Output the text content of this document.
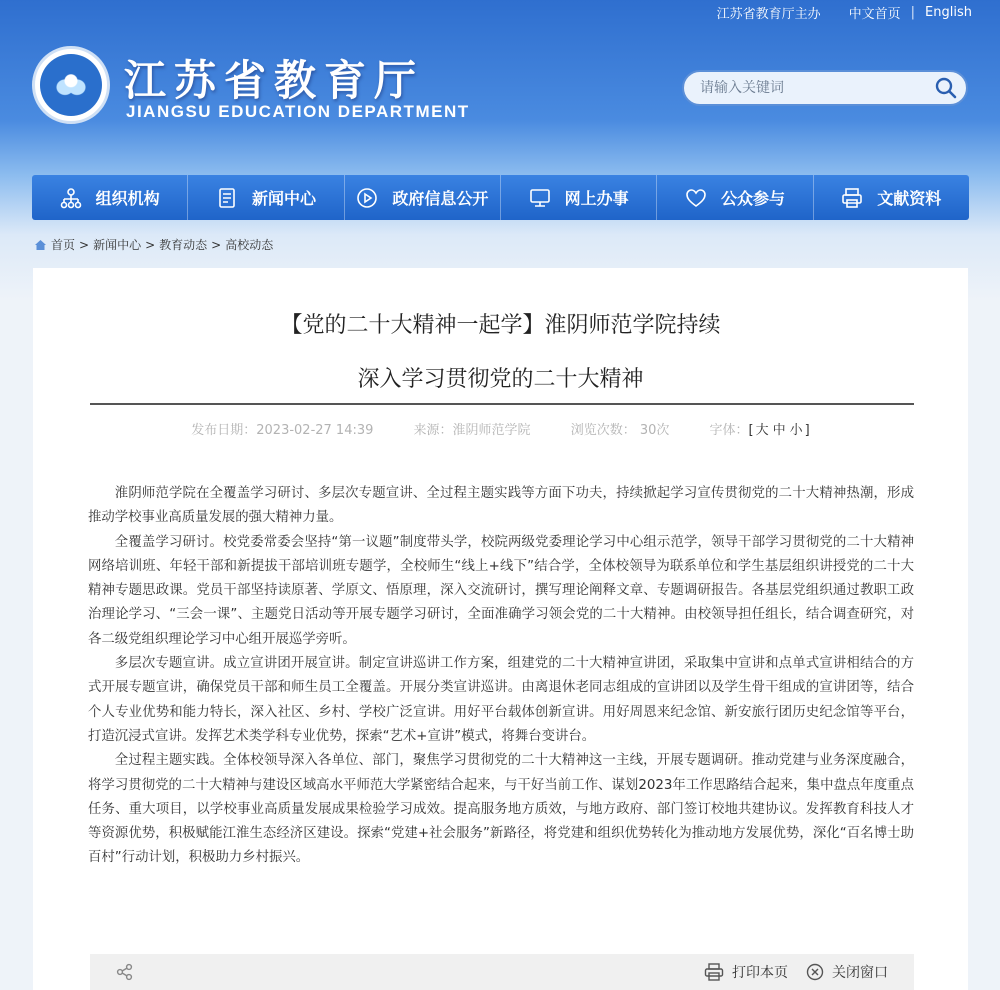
江苏省教育厅主办 中文首页 | English
江苏省教育厅
JIANGSU EDUCATION DEPARTMENT
请输入关键词
组织机构	新闻中心	政府信息公开	网上办事	公众参与	文献资料
首页 > 新闻中心 > 教育动态 > 高校动态
【党的二十大精神一起学】淮阴师范学院持续
深入学习贯彻党的二十大精神
发布日期：2023-02-27 14:39	来源：淮阴师范学院	浏览次数： 30次	字体：[ 大 中 小 ]

淮阴师范学院在全覆盖学习研讨、多层次专题宣讲、全过程主题实践等方面下功夫，持续掀起学习宣传贯彻党的二十大精神热潮，形成推动学校事业高质量发展的强大精神力量。

全覆盖学习研讨。校党委常委会坚持“第一议题”制度带头学，校院两级党委理论学习中心组示范学，领导干部学习贯彻党的二十大精神网络培训班、年轻干部和新提拔干部培训班专题学，全校师生“线上+线下”结合学，全体校领导为联系单位和学生基层组织讲授党的二十大精神专题思政课。党员干部坚持读原著、学原文、悟原理，深入交流研讨，撰写理论阐释文章、专题调研报告。各基层党组织通过教职工政治理论学习、“三会一课”、主题党日活动等开展专题学习研讨，全面准确学习领会党的二十大精神。由校领导担任组长，结合调查研究，对各二级党组织理论学习中心组开展巡学旁听。

多层次专题宣讲。成立宣讲团开展宣讲。制定宣讲巡讲工作方案，组建党的二十大精神宣讲团，采取集中宣讲和点单式宣讲相结合的方式开展专题宣讲，确保党员干部和师生员工全覆盖。开展分类宣讲巡讲。由离退休老同志组成的宣讲团以及学生骨干组成的宣讲团等，结合个人专业优势和能力特长，深入社区、乡村、学校广泛宣讲。用好平台载体创新宣讲。用好周恩来纪念馆、新安旅行团历史纪念馆等平台，打造沉浸式宣讲。发挥艺术类学科专业优势，探索“艺术+宣讲”模式，将舞台变讲台。

全过程主题实践。全体校领导深入各单位、部门，聚焦学习贯彻党的二十大精神这一主线，开展专题调研。推动党建与业务深度融合，将学习贯彻党的二十大精神与建设区域高水平师范大学紧密结合起来，与干好当前工作、谋划2023年工作思路结合起来，集中盘点年度重点任务、重大项目，以学校事业高质量发展成果检验学习成效。提高服务地方质效，与地方政府、部门签订校地共建协议。发挥教育科技人才等资源优势，积极赋能江淮生态经济区建设。探索“党建+社会服务”新路径，将党建和组织优势转化为推动地方发展优势，深化“百名博士助百村”行动计划，积极助力乡村振兴。

打印本页	关闭窗口
